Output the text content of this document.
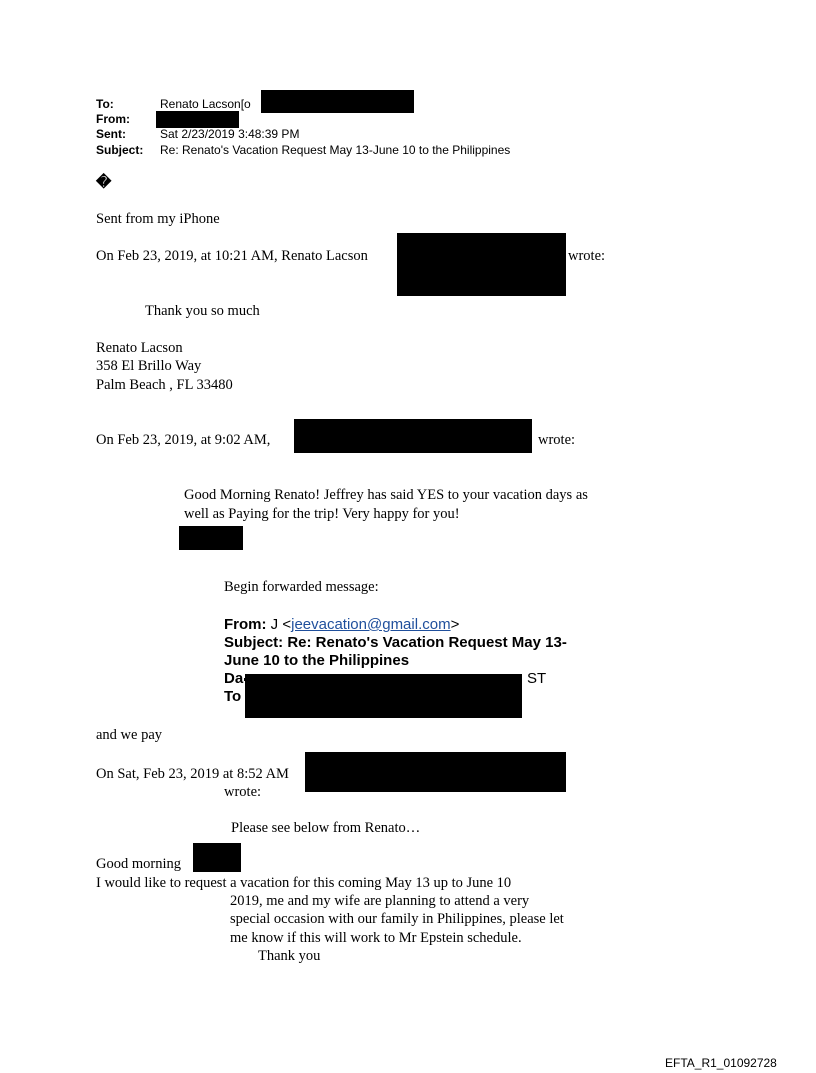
To:	Renato Lacson[o
From:
Sent:	Sat 2/23/2019 3:48:39 PM
Subject: Re: Renato's Vacation Request May 13-June 10 to the Philippines
�
Sent from my iPhone
On Feb 23, 2019, at 10:21 AM, Renato Lacson	wrote:
Thank you so much
Renato Lacson
358 El Brillo Way
Palm Beach , FL 33480
On Feb 23, 2019, at 9:02 AM,	wrote:
Good Morning Renato! Jeffrey has said YES to your vacation days as
well as Paying for the trip! Very happy for you!
Begin forwarded message:
From: J <jeevacation@gmail.com>
Subject: Re: Renato's Vacation Request May 13-
June 10 to the Philippines
Da	ST
To
and we pay
On Sat, Feb 23, 2019 at 8:52 AM
wrote:
Please see below from Renato…
Good morning
I would like to request a vacation for this coming May 13 up to June 10
2019, me and my wife are planning to attend a very
special occasion with our family in Philippines, please let
me know if this will work to Mr Epstein schedule.
Thank you
EFTA_R1_01092728
